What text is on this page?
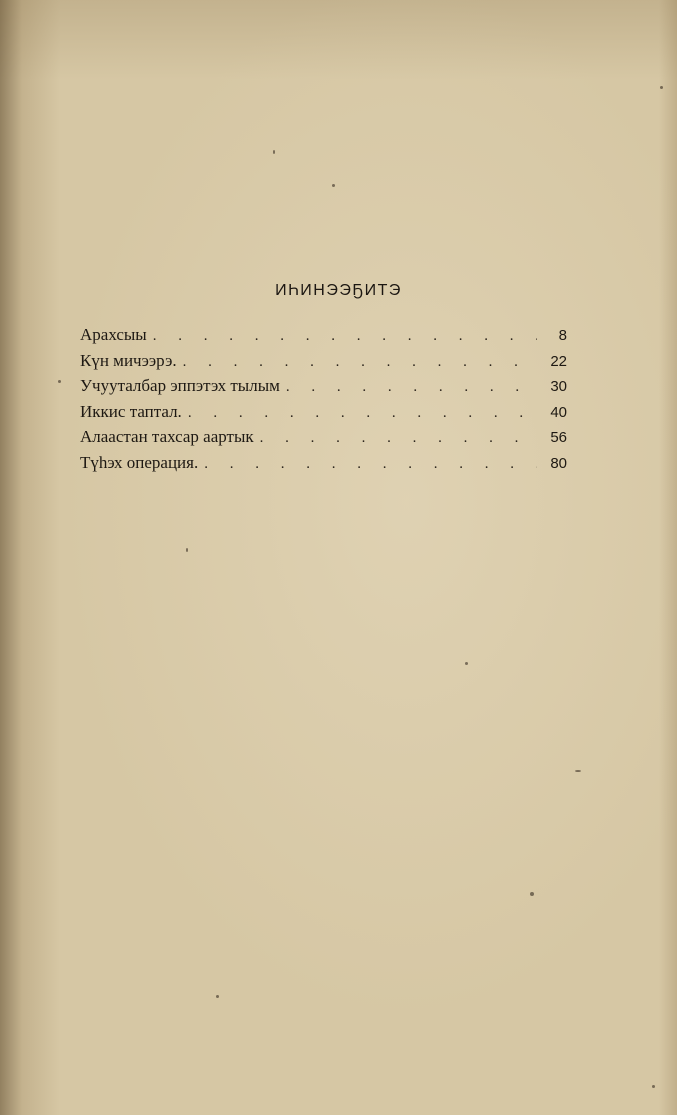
ИҺИНЭЭҔИТЭ
Арахсыы . . .	8
Күн мичээрэ. . . .	22
Учууталбар эппэтэх тылым . . .	30
Иккис таптал. . . .	40
Алаастан тахсар аартык . . .	56
Түһэх операция. . . .	80
